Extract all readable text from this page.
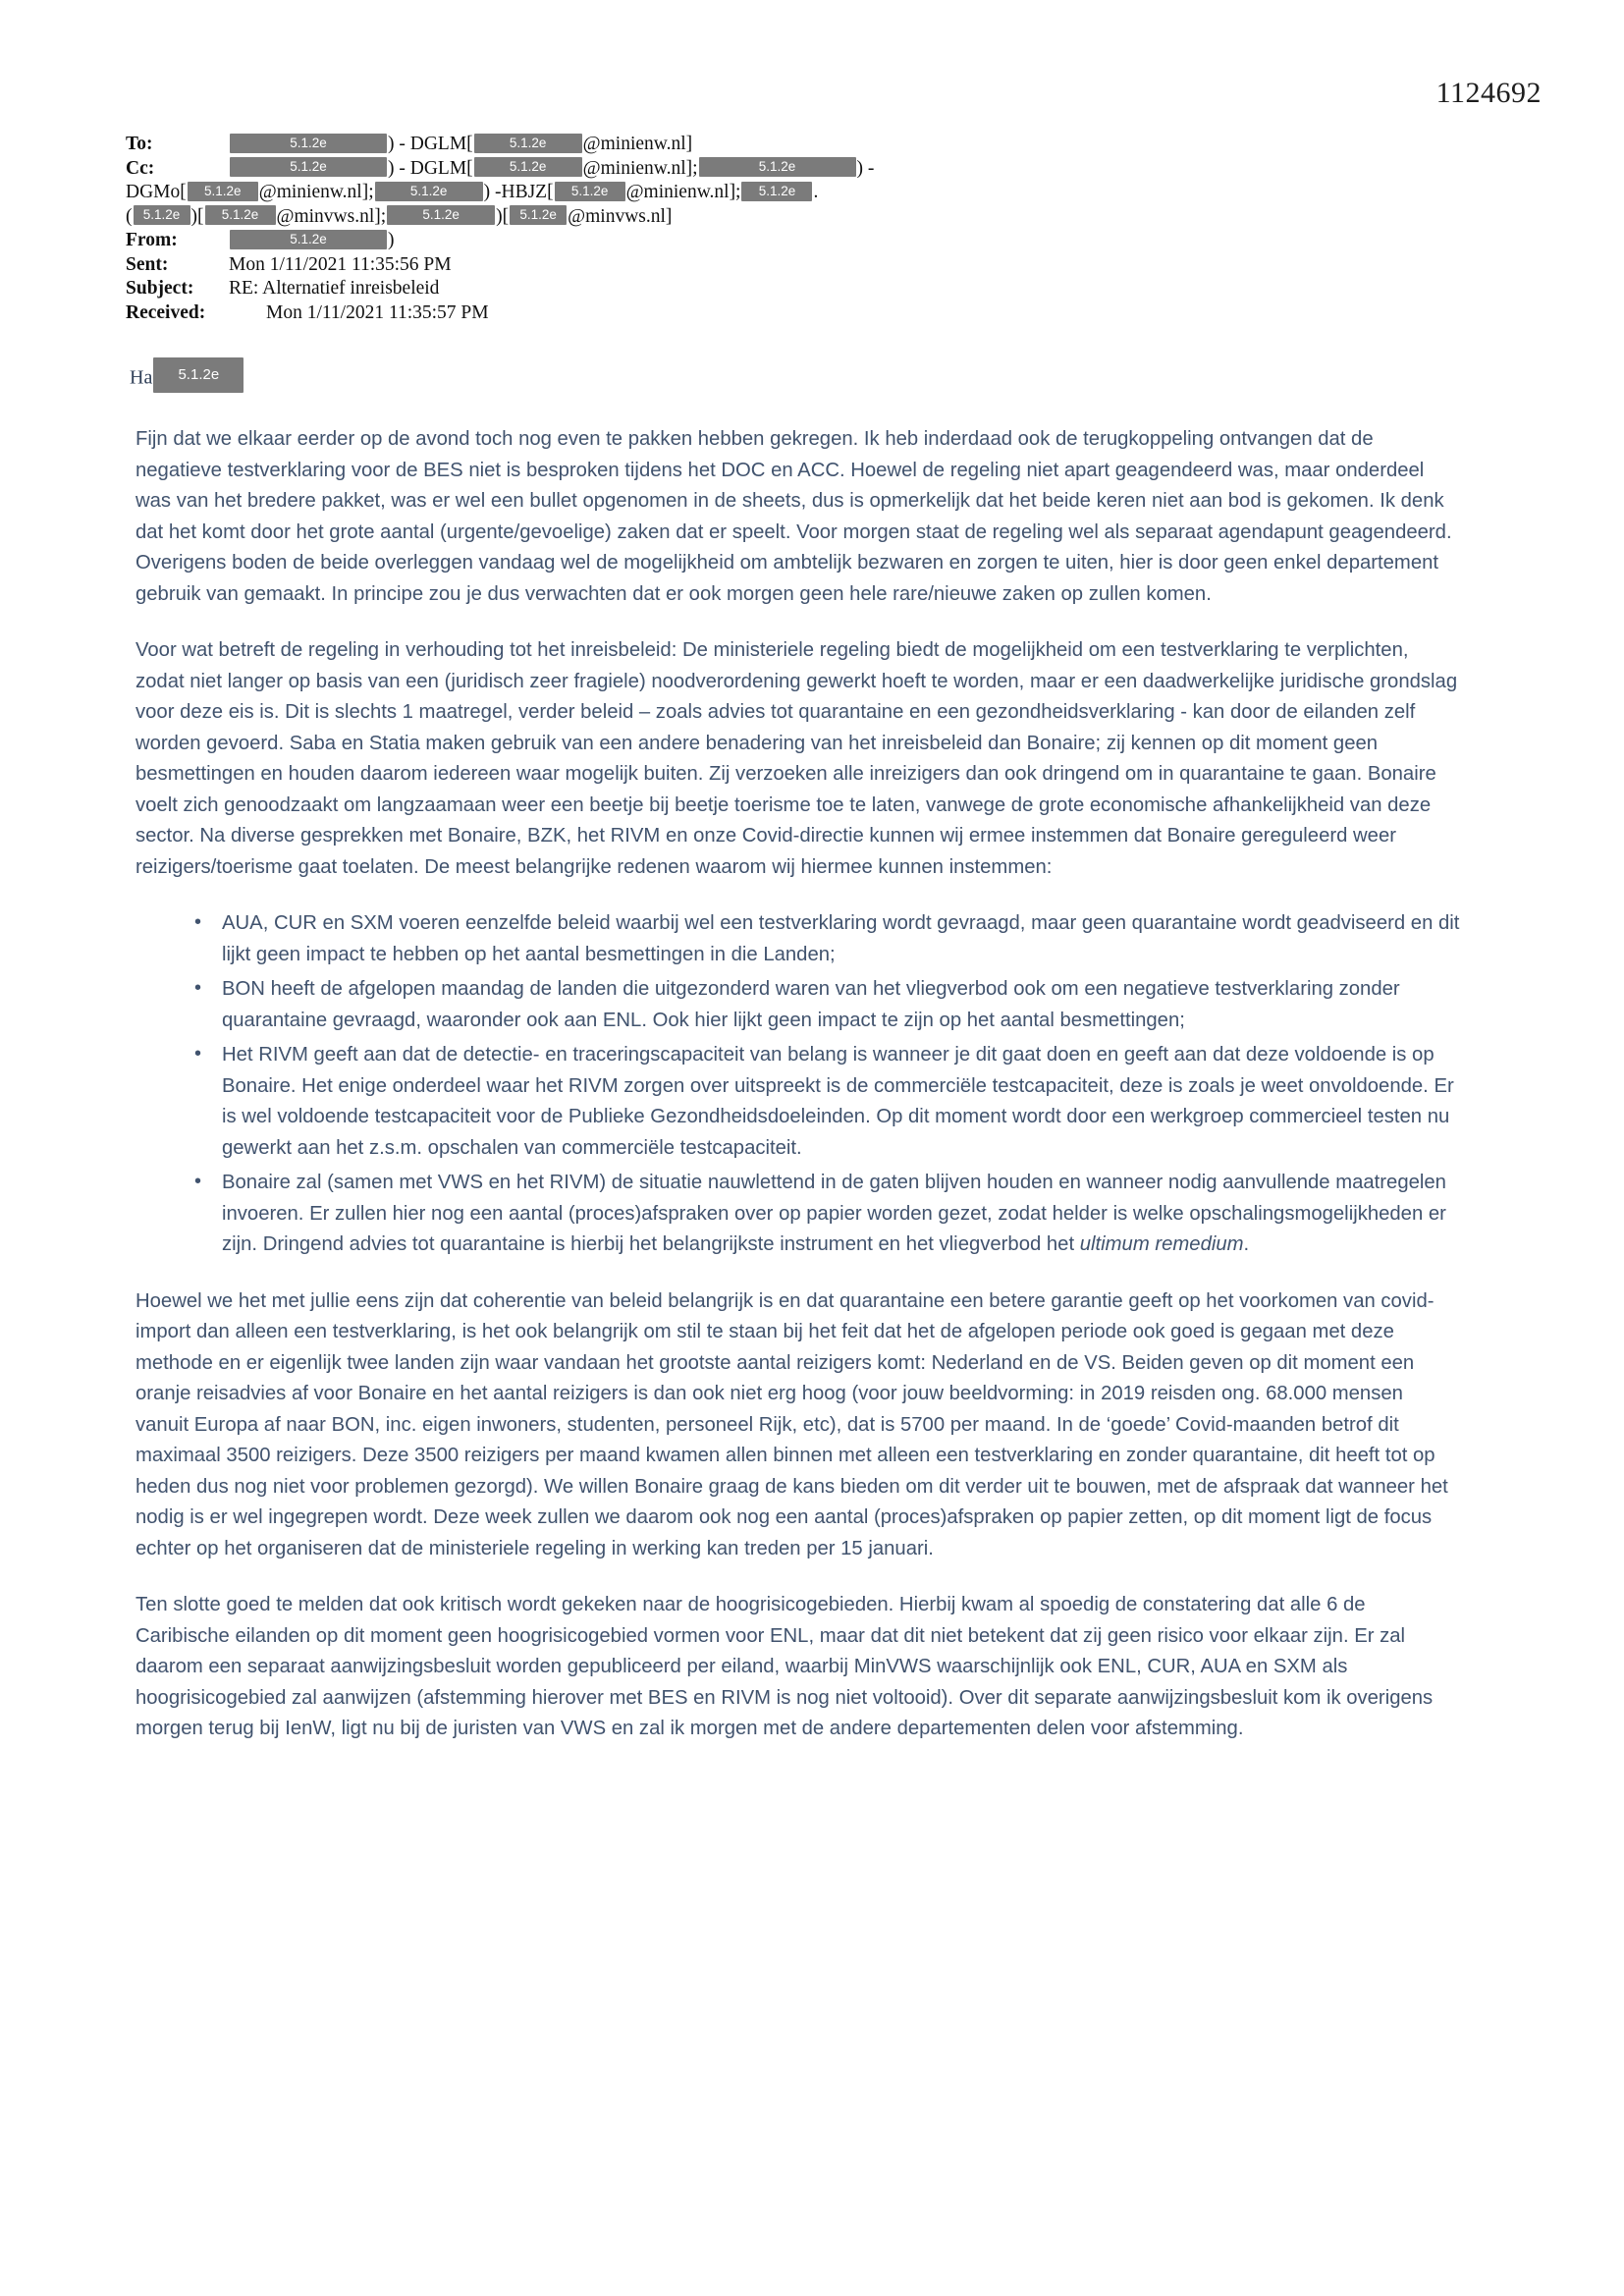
1124692
To:	5.1.2e	) - DGLM[	5.1.2e @minienw.nl]
Cc:	5.1.2e	) - DGLM[	5.1.2e @minienw.nl];	5.1.2e	) -
DGMo[ 5.1.2e @minienw.nl];	5.1.2e ) -HBJZ[ 5.1.2e @minienw.nl]; 5.1.2e .
( 5.1.2e )[ 5.1.2e @minvws.nl];	5.1.2e )[ 5.1.2e @minvws.nl]
From:	5.1.2e	)
Sent:	Mon 1/11/2021 11:35:56 PM
Subject: RE: Alternatief inreisbeleid
Received:	Mon 1/11/2021 11:35:57 PM
Ha 5.1.2e

Fijn dat we elkaar eerder op de avond toch nog even te pakken hebben gekregen. Ik heb inderdaad ook de terugkoppeling ontvangen dat de negatieve testverklaring voor de BES niet is besproken tijdens het DOC en ACC. Hoewel de regeling niet apart geagendeerd was, maar onderdeel was van het bredere pakket, was er wel een bullet opgenomen in de sheets, dus is opmerkelijk dat het beide keren niet aan bod is gekomen. Ik denk dat het komt door het grote aantal (urgente/gevoelige) zaken dat er speelt. Voor morgen staat de regeling wel als separaat agendapunt geagendeerd. Overigens boden de beide overleggen vandaag wel de mogelijkheid om ambtelijk bezwaren en zorgen te uiten, hier is door geen enkel departement gebruik van gemaakt. In principe zou je dus verwachten dat er ook morgen geen hele rare/nieuwe zaken op zullen komen.

Voor wat betreft de regeling in verhouding tot het inreisbeleid: De ministeriele regeling biedt de mogelijkheid om een testverklaring te verplichten, zodat niet langer op basis van een (juridisch zeer fragiele) noodverordening gewerkt hoeft te worden, maar er een daadwerkelijke juridische grondslag voor deze eis is. Dit is slechts 1 maatregel, verder beleid – zoals advies tot quarantaine en een gezondheidsverklaring - kan door de eilanden zelf worden gevoerd. Saba en Statia maken gebruik van een andere benadering van het inreisbeleid dan Bonaire; zij kennen op dit moment geen besmettingen en houden daarom iedereen waar mogelijk buiten. Zij verzoeken alle inreizigers dan ook dringend om in quarantaine te gaan. Bonaire voelt zich genoodzaakt om langzaamaan weer een beetje bij beetje toerisme toe te laten, vanwege de grote economische afhankelijkheid van deze sector. Na diverse gesprekken met Bonaire, BZK, het RIVM en onze Covid-directie kunnen wij ermee instemmen dat Bonaire gereguleerd weer reizigers/toerisme gaat toelaten. De meest belangrijke redenen waarom wij hiermee kunnen instemmen:

• AUA, CUR en SXM voeren eenzelfde beleid waarbij wel een testverklaring wordt gevraagd, maar geen quarantaine wordt geadviseerd en dit lijkt geen impact te hebben op het aantal besmettingen in die Landen;
• BON heeft de afgelopen maandag de landen die uitgezonderd waren van het vliegverbod ook om een negatieve testverklaring zonder quarantaine gevraagd, waaronder ook aan ENL. Ook hier lijkt geen impact te zijn op het aantal besmettingen;
• Het RIVM geeft aan dat de detectie- en traceringscapaciteit van belang is wanneer je dit gaat doen en geeft aan dat deze voldoende is op Bonaire. Het enige onderdeel waar het RIVM zorgen over uitspreekt is de commerciële testcapaciteit, deze is zoals je weet onvoldoende. Er is wel voldoende testcapaciteit voor de Publieke Gezondheidsdoeleinden. Op dit moment wordt door een werkgroep commercieel testen nu gewerkt aan het z.s.m. opschalen van commerciële testcapaciteit.
• Bonaire zal (samen met VWS en het RIVM) de situatie nauwlettend in de gaten blijven houden en wanneer nodig aanvullende maatregelen invoeren. Er zullen hier nog een aantal (proces)afspraken over op papier worden gezet, zodat helder is welke opschalingsmogelijkheden er zijn. Dringend advies tot quarantaine is hierbij het belangrijkste instrument en het vliegverbod het ultimum remedium.

Hoewel we het met jullie eens zijn dat coherentie van beleid belangrijk is en dat quarantaine een betere garantie geeft op het voorkomen van covid-import dan alleen een testverklaring, is het ook belangrijk om stil te staan bij het feit dat het de afgelopen periode ook goed is gegaan met deze methode en er eigenlijk twee landen zijn waar vandaan het grootste aantal reizigers komt: Nederland en de VS. Beiden geven op dit moment een oranje reisadvies af voor Bonaire en het aantal reizigers is dan ook niet erg hoog (voor jouw beeldvorming: in 2019 reisden ong. 68.000 mensen vanuit Europa af naar BON, inc. eigen inwoners, studenten, personeel Rijk, etc), dat is 5700 per maand. In de ‘goede’ Covid-maanden betrof dit maximaal 3500 reizigers. Deze 3500 reizigers per maand kwamen allen binnen met alleen een testverklaring en zonder quarantaine, dit heeft tot op heden dus nog niet voor problemen gezorgd). We willen Bonaire graag de kans bieden om dit verder uit te bouwen, met de afspraak dat wanneer het nodig is er wel ingegrepen wordt. Deze week zullen we daarom ook nog een aantal (proces)afspraken op papier zetten, op dit moment ligt de focus echter op het organiseren dat de ministeriele regeling in werking kan treden per 15 januari.

Ten slotte goed te melden dat ook kritisch wordt gekeken naar de hoogrisicogebieden. Hierbij kwam al spoedig de constatering dat alle 6 de Caribische eilanden op dit moment geen hoogrisicogebied vormen voor ENL, maar dat dit niet betekent dat zij geen risico voor elkaar zijn. Er zal daarom een separaat aanwijzingsbesluit worden gepubliceerd per eiland, waarbij MinVWS waarschijnlijk ook ENL, CUR, AUA en SXM als hoogrisicogebied zal aanwijzen (afstemming hierover met BES en RIVM is nog niet voltooid). Over dit separate aanwijzingsbesluit kom ik overigens morgen terug bij IenW, ligt nu bij de juristen van VWS en zal ik morgen met de andere departementen delen voor afstemming.
